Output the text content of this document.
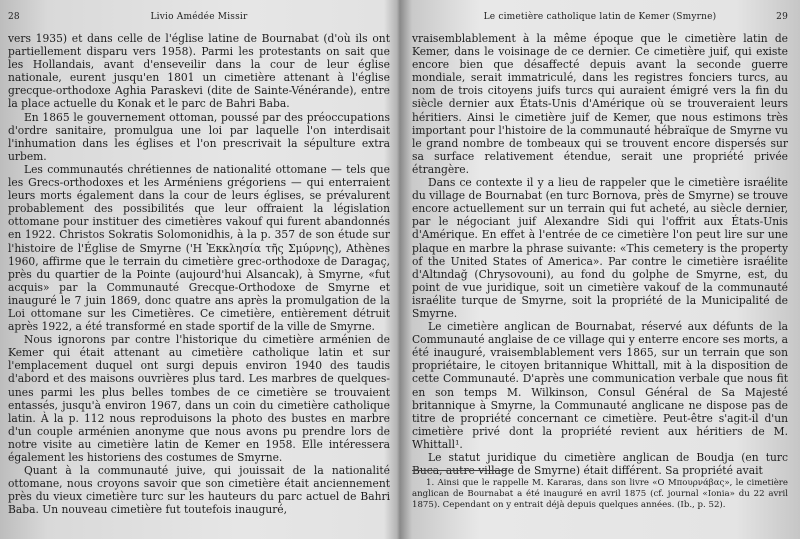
28	Livio Amédée Missir

vers 1935) et dans celle de l'église latine de Bournabat (d'où ils ont partiellement disparu vers 1958). Parmi les protestants on sait que les Hollandais, avant d'enseveilir dans la cour de leur église nationale, eurent jusqu'en 1801 un cimetière attenant à l'église grecque-orthodoxe Aghia Paraskevi (dite de Sainte-Vénérande), entre la place actuelle du Konak et le parc de Bahri Baba.

En 1865 le gouvernement ottoman, poussé par des préoccupations d'ordre sanitaire, promulgua une loi par laquelle l'on interdisait l'inhumation dans les églises et l'on prescrivait la sépulture extra urbem.

Les communautés chrétiennes de nationalité ottomane — tels que les Grecs-orthodoxes et les Arméniens grégoriens — qui enterraient leurs morts également dans la cour de leurs églises, se prévalurent probablement des possibilités que leur offraient la législation ottomane pour instituer des cimetières vakouf qui furent abandonnés en 1922. Christos Sokratis Solomonidhis, à la p. 357 de son étude sur l'histoire de l'Église de Smyrne ('Η Ἐκκλησία τῆς Σμύρνης), Athènes 1960, affirme que le terrain du cimetière grec-orthodoxe de Daragaç, près du quartier de la Pointe (aujourd'hui Alsancak), à Smyrne, «fut acquis» par la Communauté Grecque-Orthodoxe de Smyrne et inauguré le 7 juin 1869, donc quatre ans après la promulgation de la Loi ottomane sur les Cimetières. Ce cimetière, entièrement détruit après 1922, a été transformé en stade sportif de la ville de Smyrne.

Nous ignorons par contre l'historique du cimetière arménien de Kemer qui était attenant au cimetière catholique latin et sur l'emplacement duquel ont surgi depuis environ 1940 des taudis d'abord et des maisons ouvrières plus tard. Les marbres de quelques-unes parmi les plus belles tombes de ce cimetière se trouvaient entassés, jusqu'à environ 1967, dans un coin du cimetière catholique latin. À la p. 112 nous reproduisons la photo des bustes en marbre d'un couple arménien anonyme que nous avons pu prendre lors de notre visite au cimetière latin de Kemer en 1958. Elle intéressera également les historiens des costumes de Smyrne.

Quant à la communauté juive, qui jouissait de la nationalité ottomane, nous croyons savoir que son cimetière était anciennement près du vieux cimetière turc sur les hauteurs du parc actuel de Bahri Baba. Un nouveau cimetière fut toutefois inauguré,

Le cimetière catholique latin de Kemer (Smyrne)	29

vraisemblablement à la même époque que le cimetière latin de Kemer, dans le voisinage de ce dernier. Ce cimetière juif, qui existe encore bien que désaffecté depuis avant la seconde guerre mondiale, serait immatriculé, dans les registres fonciers turcs, au nom de trois citoyens juifs turcs qui auraient émigré vers la fin du siècle dernier aux États-Unis d'Amérique où se trouveraient leurs héritiers. Ainsi le cimetière juif de Kemer, que nous estimons très important pour l'histoire de la communauté hébraïque de Smyrne vu le grand nombre de tombeaux qui se trouvent encore dispersés sur sa surface relativement étendue, serait une propriété privée étrangère.

Dans ce contexte il y a lieu de rappeler que le cimetière israélite du village de Bournabat (en turc Bornova, près de Smyrne) se trouve encore actuellement sur un terrain qui fut acheté, au siècle dernier, par le négociant juif Alexandre Sidi qui l'offrit aux États-Unis d'Amérique. En effet à l'entrée de ce cimetière l'on peut lire sur une plaque en marbre la phrase suivante: «This cemetery is the property of the United States of America». Par contre le cimetière israélite d'Altındağ (Chrysovouni), au fond du golphe de Smyrne, est, du point de vue juridique, soit un cimetière vakouf de la communauté israélite turque de Smyrne, soit la propriété de la Municipalité de Smyrne.

Le cimetière anglican de Bournabat, réservé aux défunts de la Communauté anglaise de ce village qui y enterre encore ses morts, a été inauguré, vraisemblablement vers 1865, sur un terrain que son propriétaire, le citoyen britannique Whittall, mit à la disposition de cette Communauté. D'après une communication verbale que nous fit en son temps M. Wilkinson, Consul Général de Sa Majesté britannique à Smyrne, la Communauté anglicane ne dispose pas de titre de propriété concernant ce cimetière. Peut-être s'agit-il d'un cimetière privé dont la propriété revient aux héritiers de M. Whittall¹.

Le statut juridique du cimetière anglican de Boudja (en turc Buca, autre village de Smyrne) était différent. Sa propriété avait

1. Ainsi que le rappelle M. Kararas, dans son livre «Ο Μπουρνάβας», le cimetière anglican de Bournabat a été inauguré en avril 1875 (cf. journal «Ionia» du 22 avril 1875). Cependant on y entrait déjà depuis quelques années. (Ib., p. 52).
